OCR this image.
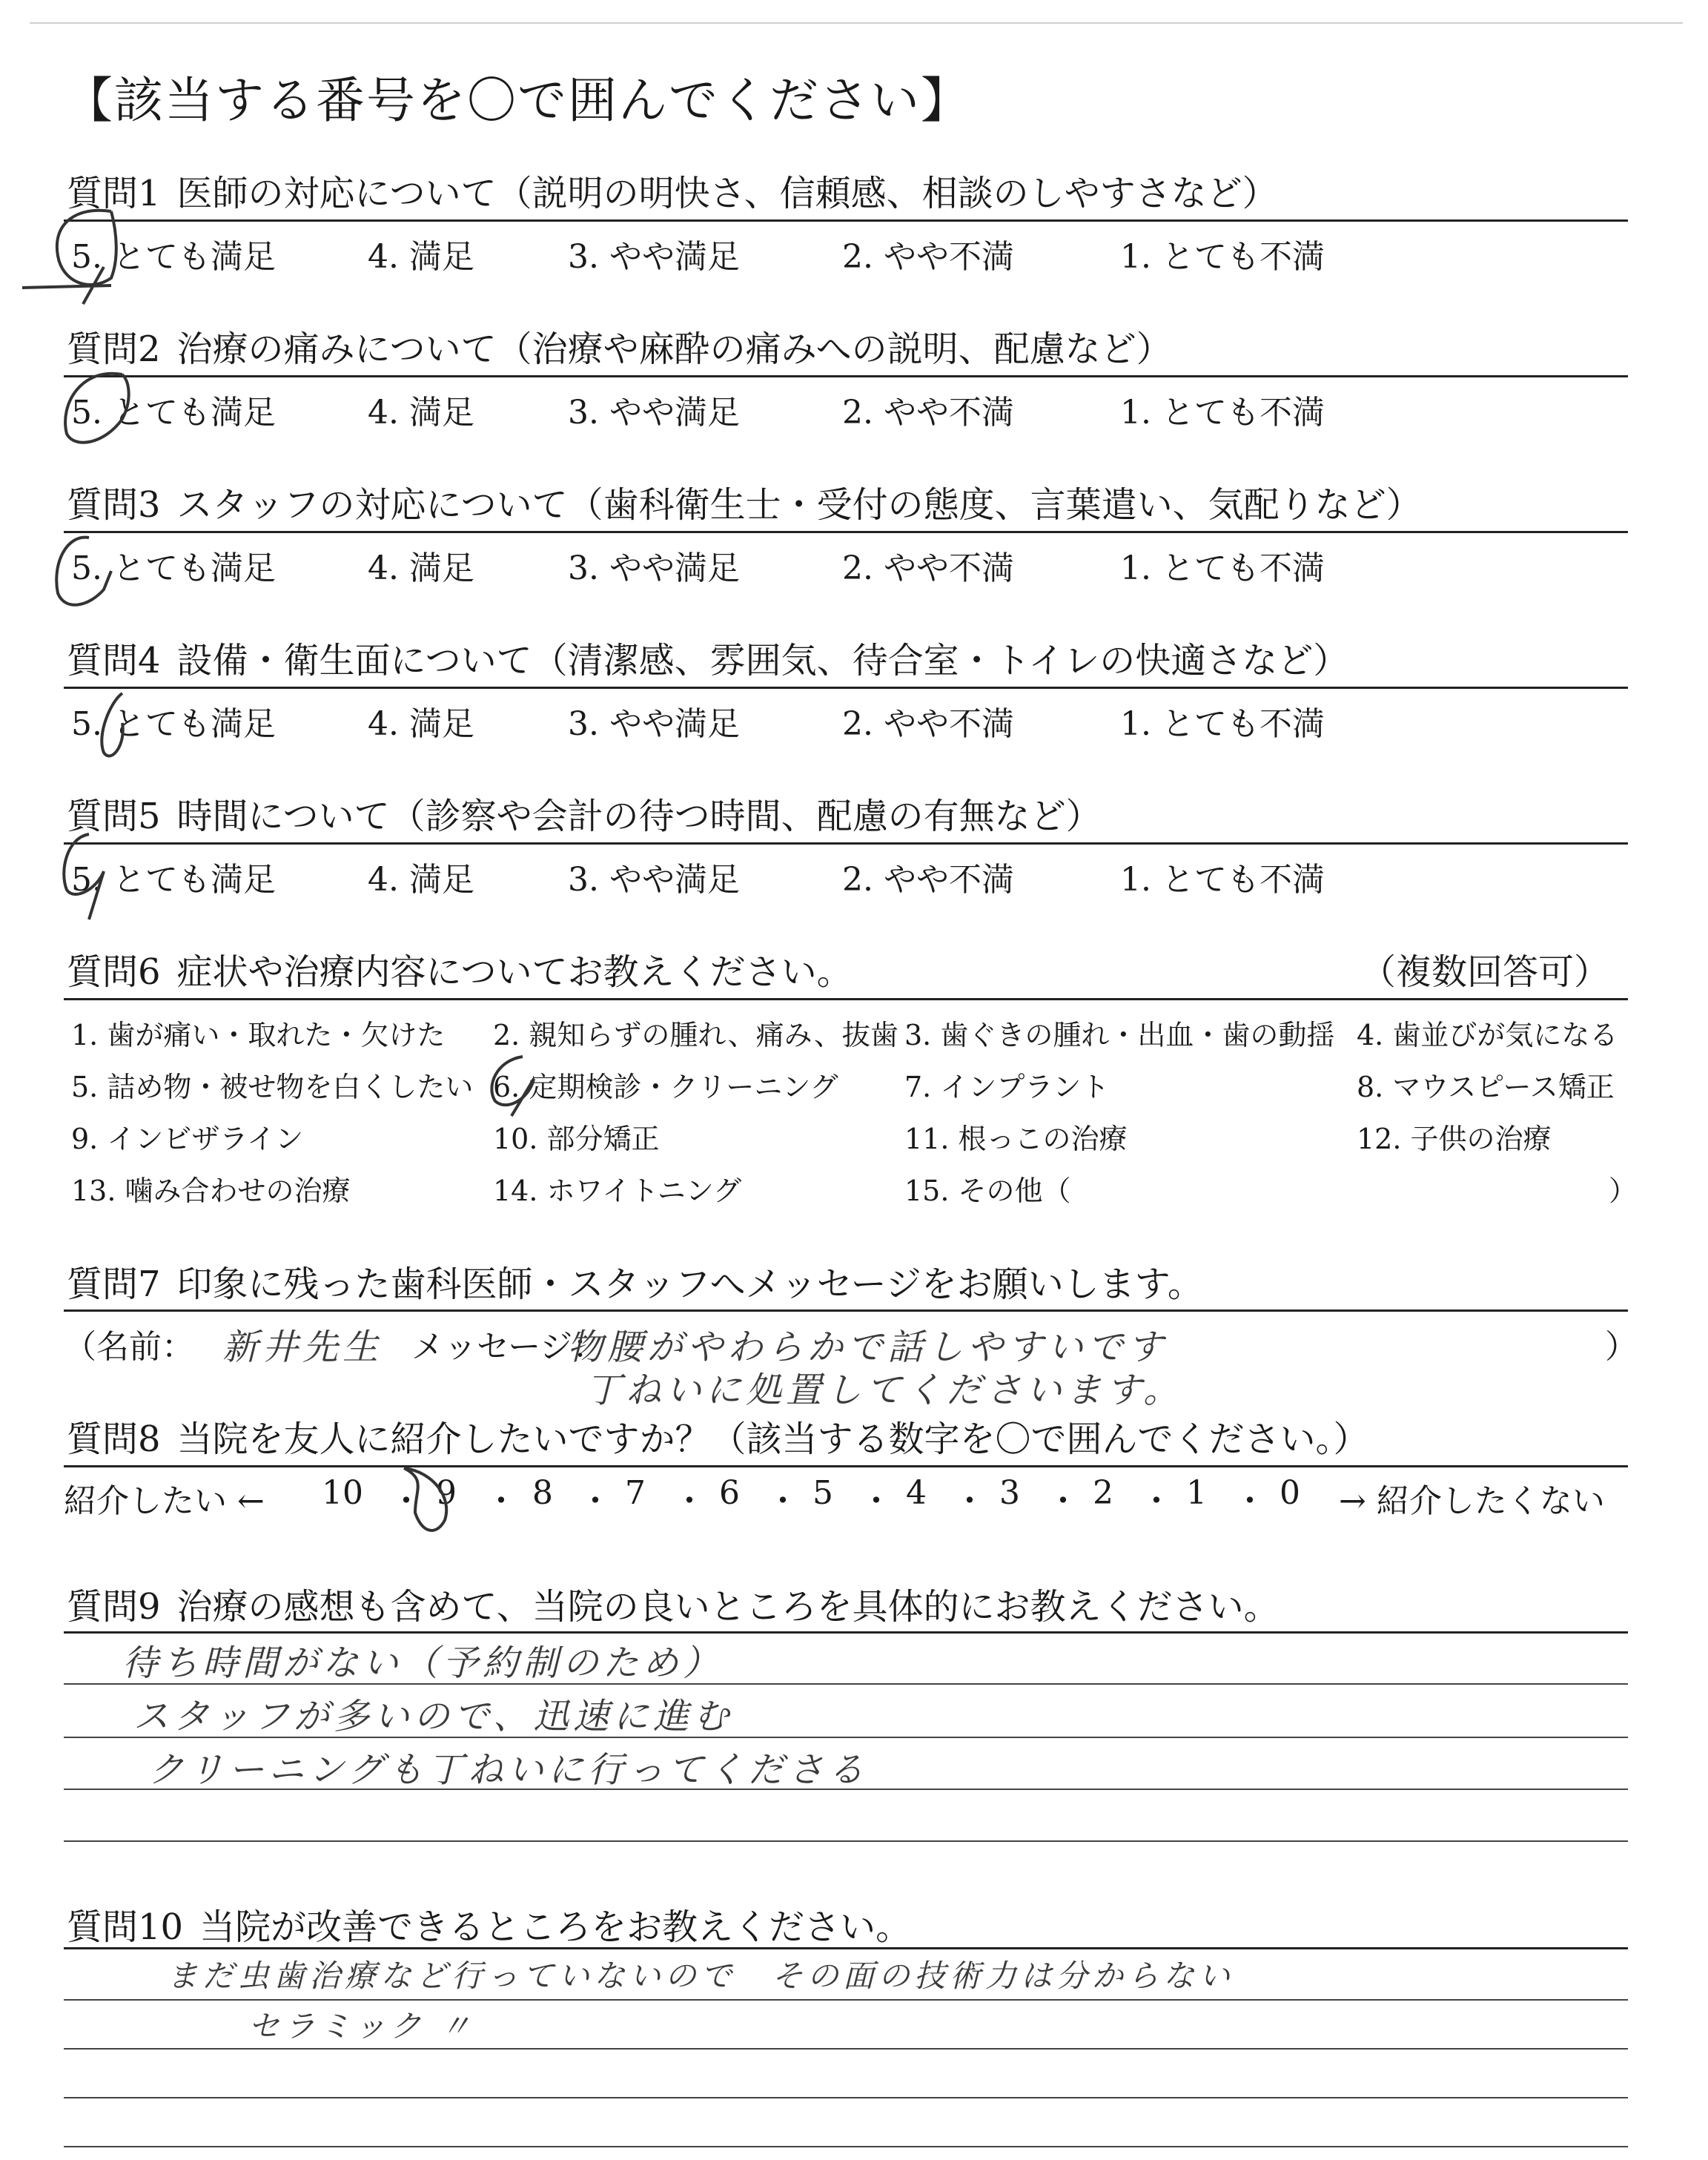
【該当する番号を〇で囲んでください】
質問1 医師の対応について（説明の明快さ、信頼感、相談のしやすさなど）
5. とても満足	4. 満足	3. やや満足	2. やや不満	1. とても不満
質問2 治療の痛みについて（治療や麻酔の痛みへの説明、配慮など）
5. とても満足	4. 満足	3. やや満足	2. やや不満	1. とても不満
質問3 スタッフの対応について（歯科衛生士・受付の態度、言葉遣い、気配りなど）
5. とても満足	4. 満足	3. やや満足	2. やや不満	1. とても不満
質問4 設備・衛生面について（清潔感、雰囲気、待合室・トイレの快適さなど）
5. とても満足	4. 満足	3. やや満足	2. やや不満	1. とても不満
質問5 時間について（診察や会計の待つ時間、配慮の有無など）
5. とても満足	4. 満足	3. やや満足	2. やや不満	1. とても不満
質問6 症状や治療内容についてお教えください。	（複数回答可）
1. 歯が痛い・取れた・欠けた 2. 親知らずの腫れ、痛み、抜歯 3. 歯ぐきの腫れ・出血・歯の動揺 4. 歯並びが気になる
5. 詰め物・被せ物を白くしたい 6. 定期検診・クリーニング 7. インプラント	8. マウスピース矯正
9. インビザライン	10. 部分矯正	11. 根っこの治療	12. 子供の治療
13. 噛み合わせの治療	14. ホワイトニング	15. その他（	）
質問7 印象に残った歯科医師・スタッフへメッセージをお願いします。
（名前： 新井先生 メッセージ：
物腰がやわらかで話しやすいです
丁ねいに処置してくださいます。
）
質問8 当院を友人に紹介したいですか？（該当する数字を〇で囲んでください。）
紹介したい ← 10 ・ 9 ・ 8 ・ 7 ・ 6 ・ 5 ・ 4 ・ 3 ・ 2 ・ 1 ・ 0 → 紹介したくない
質問9 治療の感想も含めて、当院の良いところを具体的にお教えください。
待ち時間がない（予約制のため）
スタッフが多いので、迅速に進む
クリーニングも丁ねいに行ってくださる
質問10 当院が改善できるところをお教えください。
まだ虫歯治療など行っていないので　その面の技術力は分からない
セラミック 〃
